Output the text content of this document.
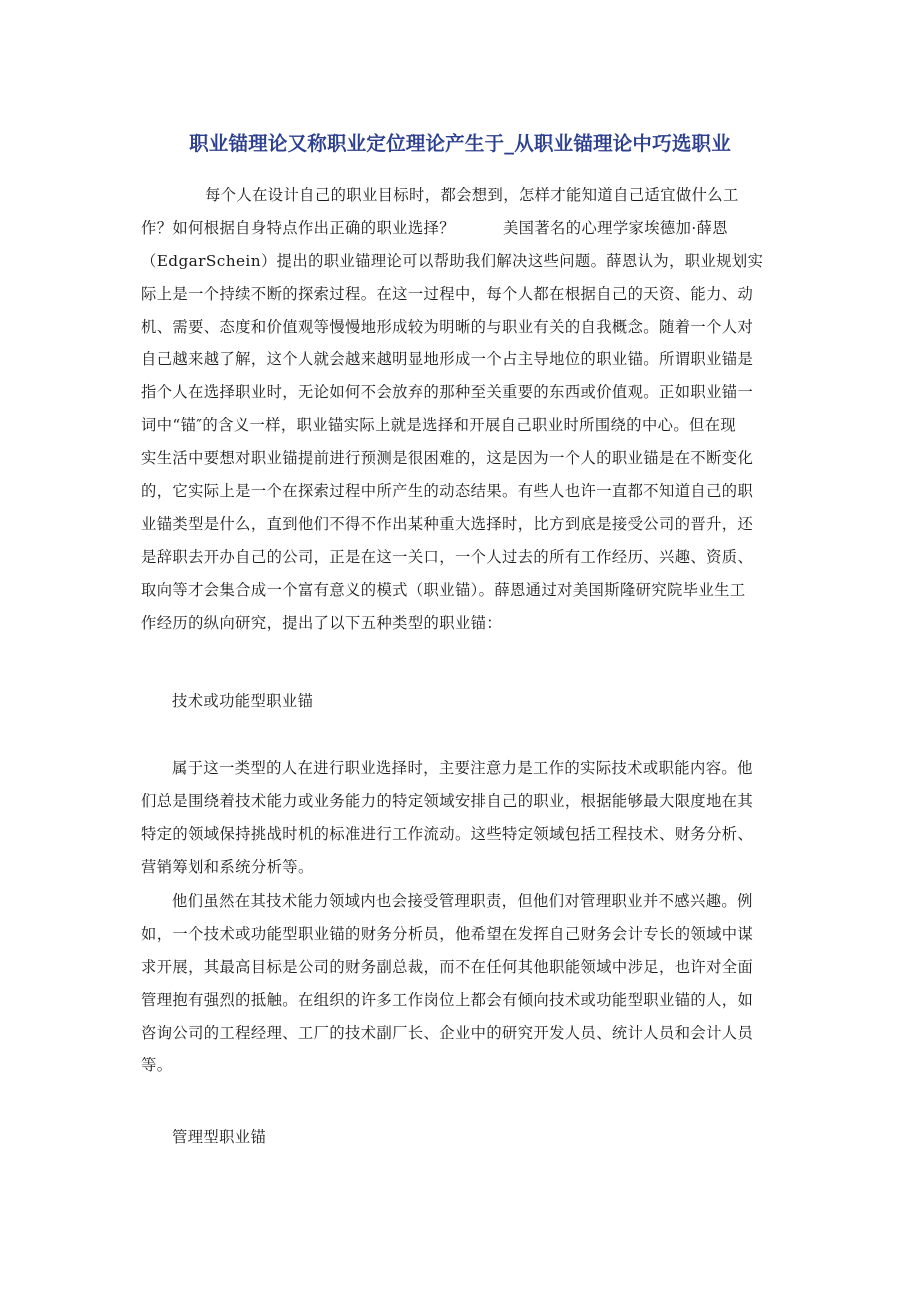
职业锚理论又称职业定位理论产生于_从职业锚理论中巧选职业
每个人在设计自己的职业目标时，都会想到，怎样才能知道自己适宜做什么工
作？如何根据自身特点作出正确的职业选择？	美国著名的心理学家埃德加·薛恩
（EdgarSchein）提出的职业锚理论可以帮助我们解决这些问题。薛恩认为，职业规划实
际上是一个持续不断的探索过程。在这一过程中，每个人都在根据自己的天资、能力、动
机、需要、态度和价值观等慢慢地形成较为明晰的与职业有关的自我概念。随着一个人对
自己越来越了解，这个人就会越来越明显地形成一个占主导地位的职业锚。所谓职业锚是
指个人在选择职业时，无论如何不会放弃的那种至关重要的东西或价值观。正如职业锚一
词中“锚″的含义一样，职业锚实际上就是选择和开展自己职业时所围绕的中心。但在现
实生活中要想对职业锚提前进行预测是很困难的，这是因为一个人的职业锚是在不断变化
的，它实际上是一个在探索过程中所产生的动态结果。有些人也许一直都不知道自己的职
业锚类型是什么，直到他们不得不作出某种重大选择时，比方到底是接受公司的晋升，还
是辞职去开办自己的公司，正是在这一关口，一个人过去的所有工作经历、兴趣、资质、
取向等才会集合成一个富有意义的模式（职业锚）。薛恩通过对美国斯隆研究院毕业生工
作经历的纵向研究，提出了以下五种类型的职业锚：
技术或功能型职业锚
属于这一类型的人在进行职业选择时，主要注意力是工作的实际技术或职能内容。他
们总是围绕着技术能力或业务能力的特定领域安排自己的职业，根据能够最大限度地在其
特定的领域保持挑战时机的标准进行工作流动。这些特定领域包括工程技术、财务分析、
营销筹划和系统分析等。
他们虽然在其技术能力领域内也会接受管理职责，但他们对管理职业并不感兴趣。例
如，一个技术或功能型职业锚的财务分析员，他希望在发挥自己财务会计专长的领域中谋
求开展，其最高目标是公司的财务副总裁，而不在任何其他职能领域中涉足，也许对全面
管理抱有强烈的抵触。在组织的许多工作岗位上都会有倾向技术或功能型职业锚的人，如
咨询公司的工程经理、工厂的技术副厂长、企业中的研究开发人员、统计人员和会计人员
等。
管理型职业锚
